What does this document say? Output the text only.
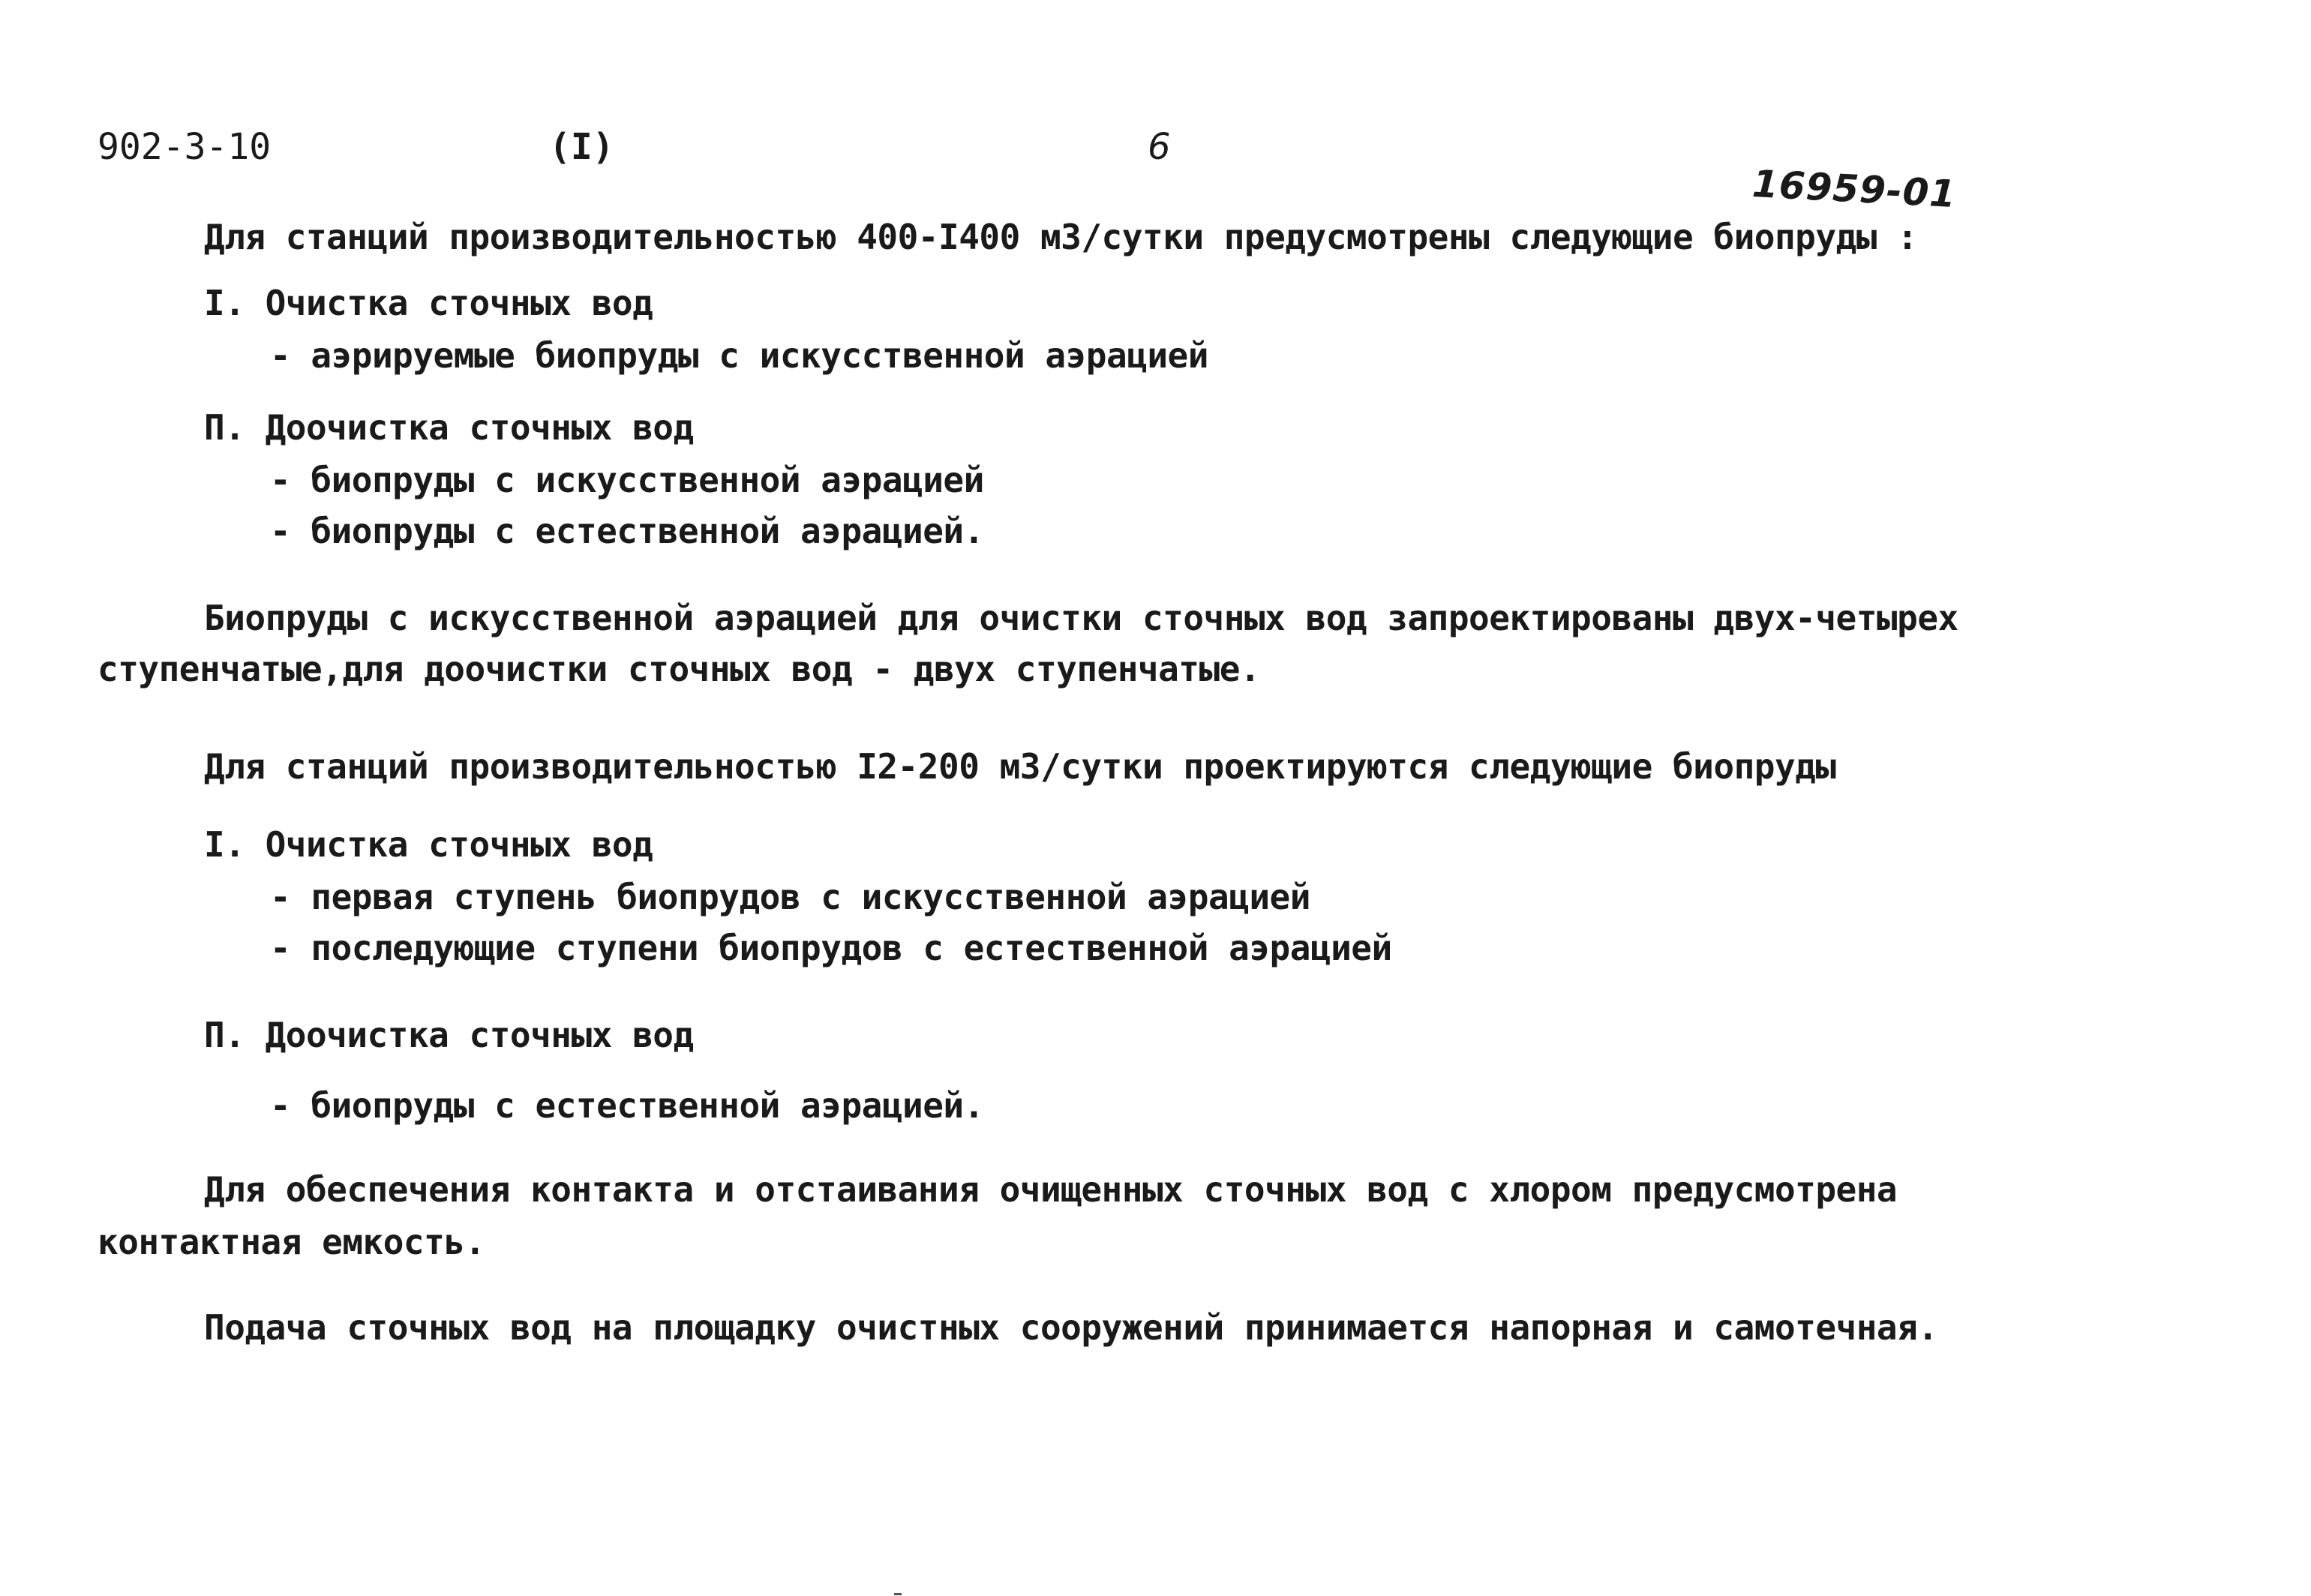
902-3-10	(I)	6
16959-01
Для станций производительностью 400-I400 м3/сутки предусмотрены следующие биопруды :
I. Очистка сточных вод
- аэрируемые биопруды с искусственной аэрацией
П. Доочистка сточных вод
- биопруды с искусственной аэрацией
- биопруды с естественной аэрацией.
Биопруды с искусственной аэрацией для очистки сточных вод запроектированы двух-четырех
ступенчатые,для доочистки сточных вод - двух ступенчатые.
Для станций производительностью I2-200 м3/сутки проектируются следующие биопруды
I. Очистка сточных вод
- первая ступень биопрудов с искусственной аэрацией
- последующие ступени биопрудов с естественной аэрацией
П. Доочистка сточных вод
- биопруды с естественной аэрацией.
Для обеспечения контакта и отстаивания очищенных сточных вод с хлором предусмотрена
контактная емкость.
Подача сточных вод на площадку очистных сооружений принимается напорная и самотечная.
